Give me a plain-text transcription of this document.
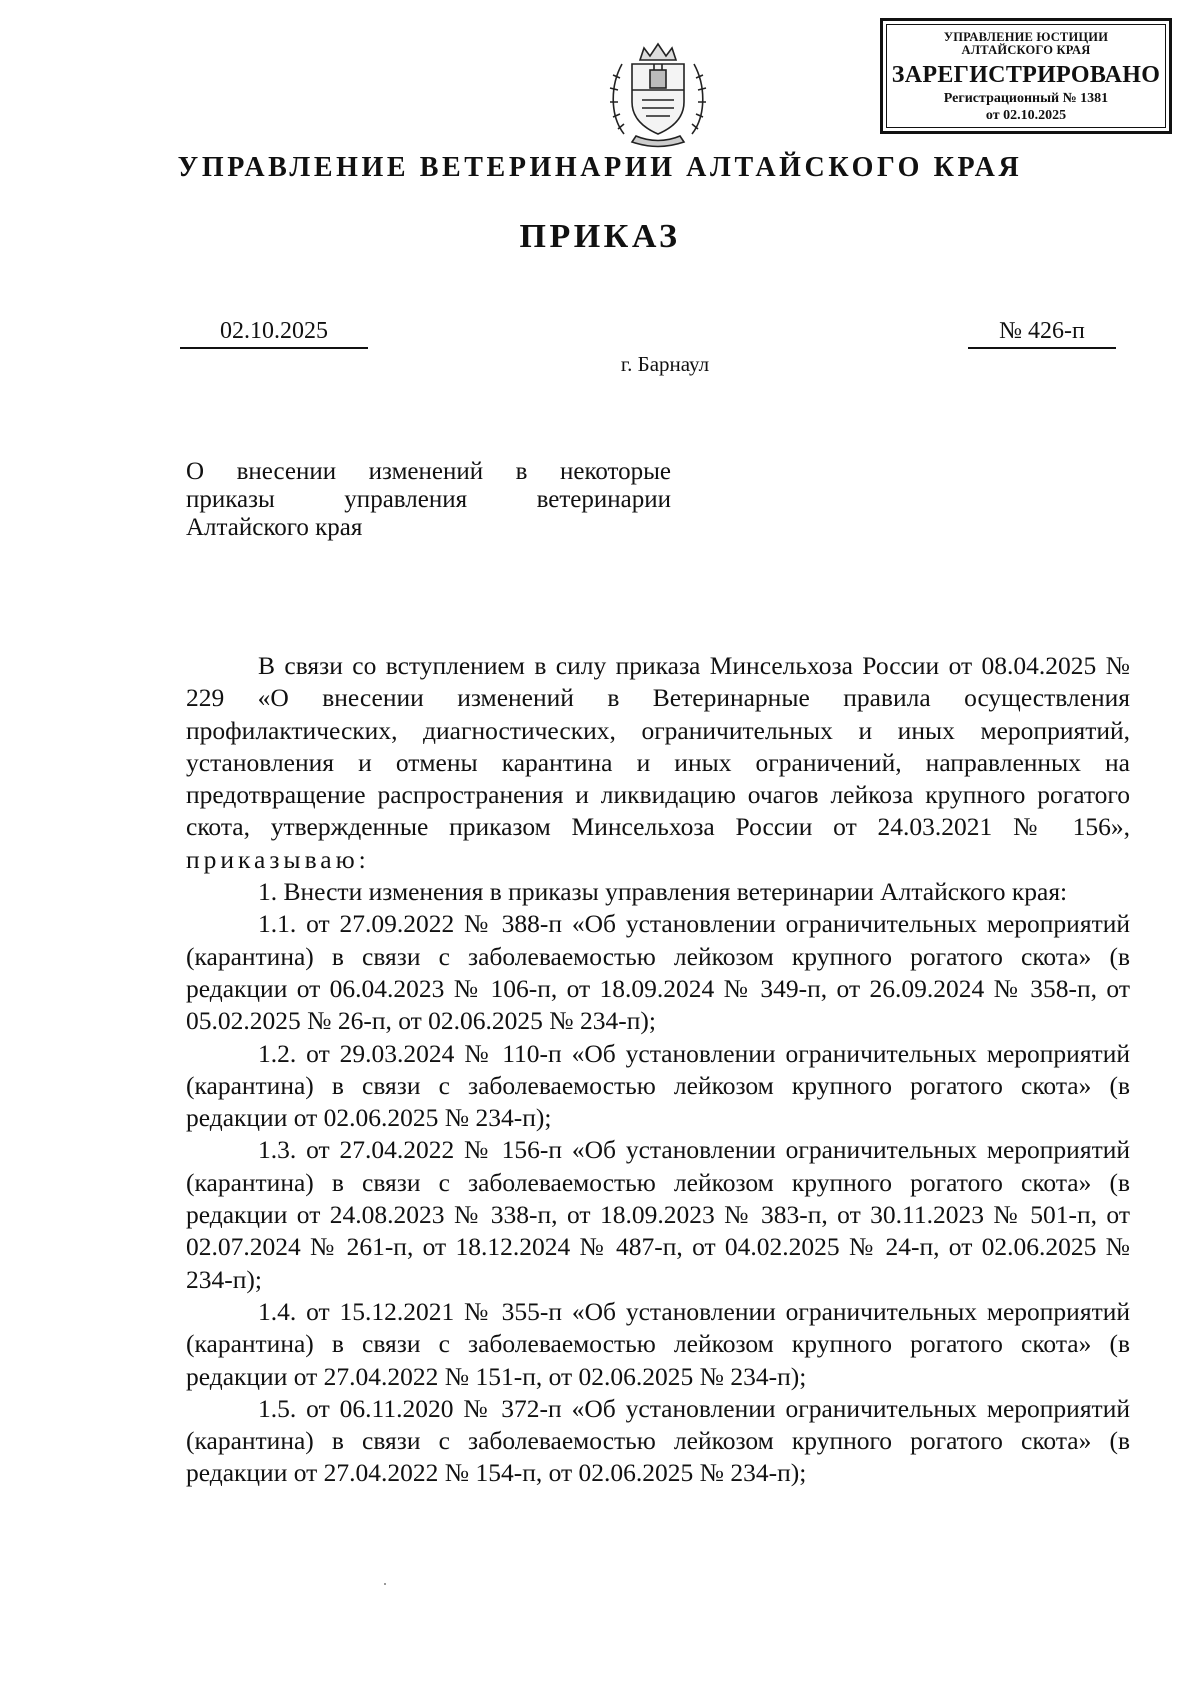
УПРАВЛЕНИЕ ЮСТИЦИИ
АЛТАЙСКОГО КРАЯ
ЗАРЕГИСТРИРОВАНО
Регистрационный № 1381
от 02.10.2025
УПРАВЛЕНИЕ ВЕТЕРИНАРИИ АЛТАЙСКОГО КРАЯ
ПРИКАЗ
02.10.2025	№ 426-п
г. Барнаул
О внесении изменений в некоторые
приказы управления ветеринарии
Алтайского края

В связи со вступлением в силу приказа Минсельхоза России от 08.04.2025 № 229 «О внесении изменений в Ветеринарные правила осуществления профилактических, диагностических, ограничительных и иных мероприятий, установления и отмены карантина и иных ограничений, направленных на предотвращение распространения и ликвидацию очагов лейкоза крупного рогатого скота, утвержденные приказом Минсельхоза России от 24.03.2021 № 156», приказываю:

1. Внести изменения в приказы управления ветеринарии Алтайского края:

1.1. от 27.09.2022 № 388-п «Об установлении ограничительных мероприятий (карантина) в связи с заболеваемостью лейкозом крупного рогатого скота» (в редакции от 06.04.2023 № 106-п, от 18.09.2024 № 349-п, от 26.09.2024 № 358-п, от 05.02.2025 № 26-п, от 02.06.2025 № 234-п);

1.2. от 29.03.2024 № 110-п «Об установлении ограничительных мероприятий (карантина) в связи с заболеваемостью лейкозом крупного рогатого скота» (в редакции от 02.06.2025 № 234-п);

1.3. от 27.04.2022 № 156-п «Об установлении ограничительных мероприятий (карантина) в связи с заболеваемостью лейкозом крупного рогатого скота» (в редакции от 24.08.2023 № 338-п, от 18.09.2023 № 383-п, от 30.11.2023 № 501-п, от 02.07.2024 № 261-п, от 18.12.2024 № 487-п, от 04.02.2025 № 24-п, от 02.06.2025 № 234-п);

1.4. от 15.12.2021 № 355-п «Об установлении ограничительных мероприятий (карантина) в связи с заболеваемостью лейкозом крупного рогатого скота» (в редакции от 27.04.2022 № 151-п, от 02.06.2025 № 234-п);

1.5. от 06.11.2020 № 372-п «Об установлении ограничительных мероприятий (карантина) в связи с заболеваемостью лейкозом крупного рогатого скота» (в редакции от 27.04.2022 № 154-п, от 02.06.2025 № 234-п);
